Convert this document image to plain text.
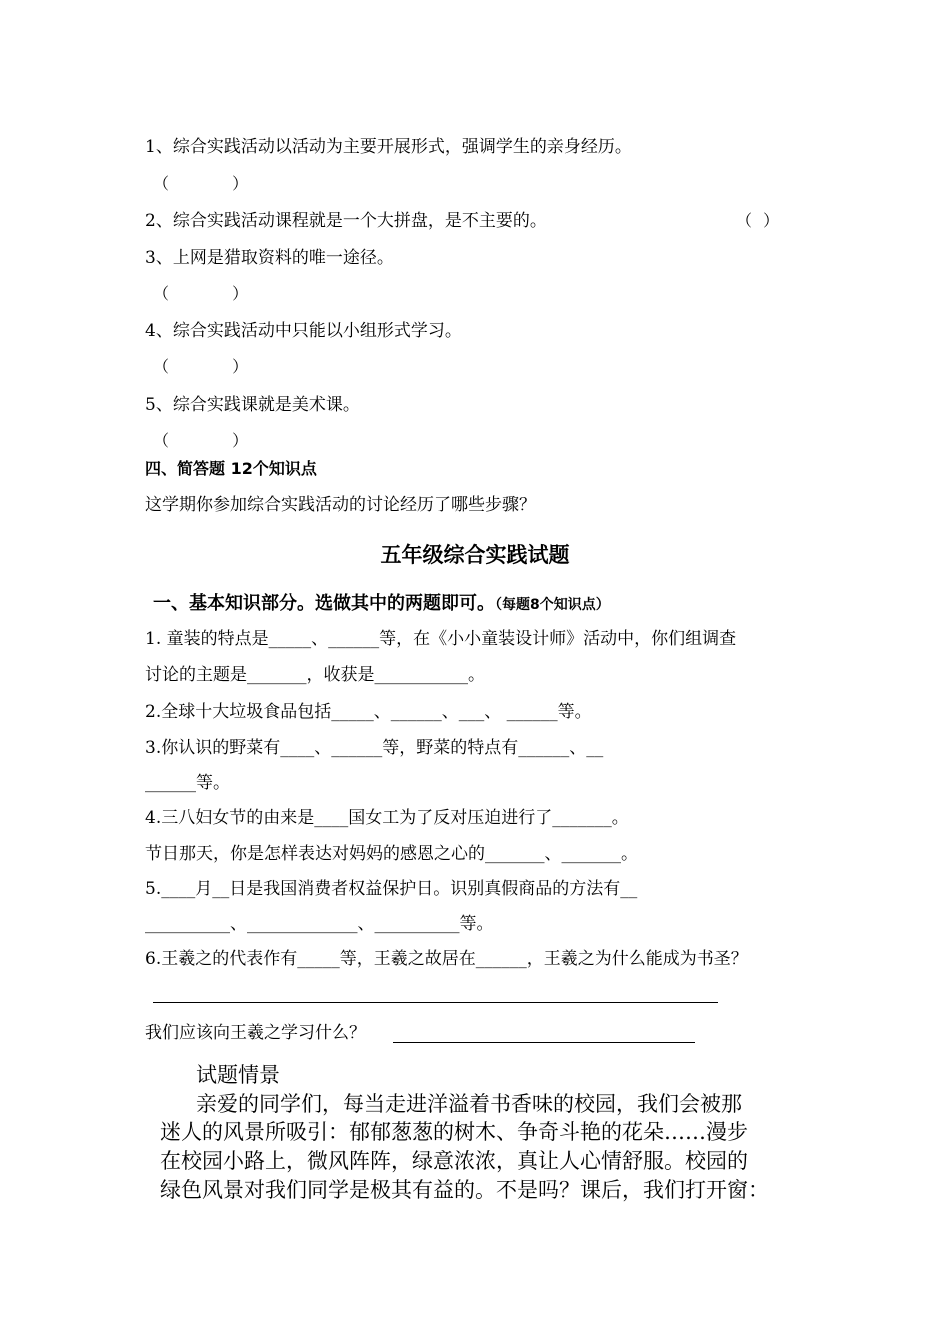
1、综合实践活动以活动为主要开展形式，强调学生的亲身经历。
（ ）
2、综合实践活动课程就是一个大拼盘，是不主要的。	（ ）
3、上网是猎取资料的唯一途径。
（ ）
4、综合实践活动中只能以小组形式学习。
（ ）
5、综合实践课就是美术课。
（ ）
四、简答题 12个知识点
这学期你参加综合实践活动的讨论经历了哪些步骤？
五年级综合实践试题
一、基本知识部分。选做其中的两题即可。（每题8个知识点）
1. 童装的特点是_____、______等，在《小小童装设计师》活动中，你们组调查
讨论的主题是_______，收获是___________。
2.全球十大垃圾食品包括_____、______、___、 ______等。
3.你认识的野菜有____、______等，野菜的特点有______、__
______等。
4.三八妇女节的由来是____国女工为了反对压迫进行了_______。
节日那天，你是怎样表达对妈妈的感恩之心的_______、_______。
5.____月__日是我国消费者权益保护日。识别真假商品的方法有__
__________、_____________、__________等。
6.王羲之的代表作有_____等，王羲之故居在______，王羲之为什么能成为书圣？
我们应该向王羲之学习什么？
试题情景
亲爱的同学们，每当走进洋溢着书香味的校园，我们会被那
迷人的风景所吸引：郁郁葱葱的树木、争奇斗艳的花朵……漫步
在校园小路上，微风阵阵，绿意浓浓，真让人心情舒服。校园的
绿色风景对我们同学是极其有益的。不是吗？课后，我们打开窗：
